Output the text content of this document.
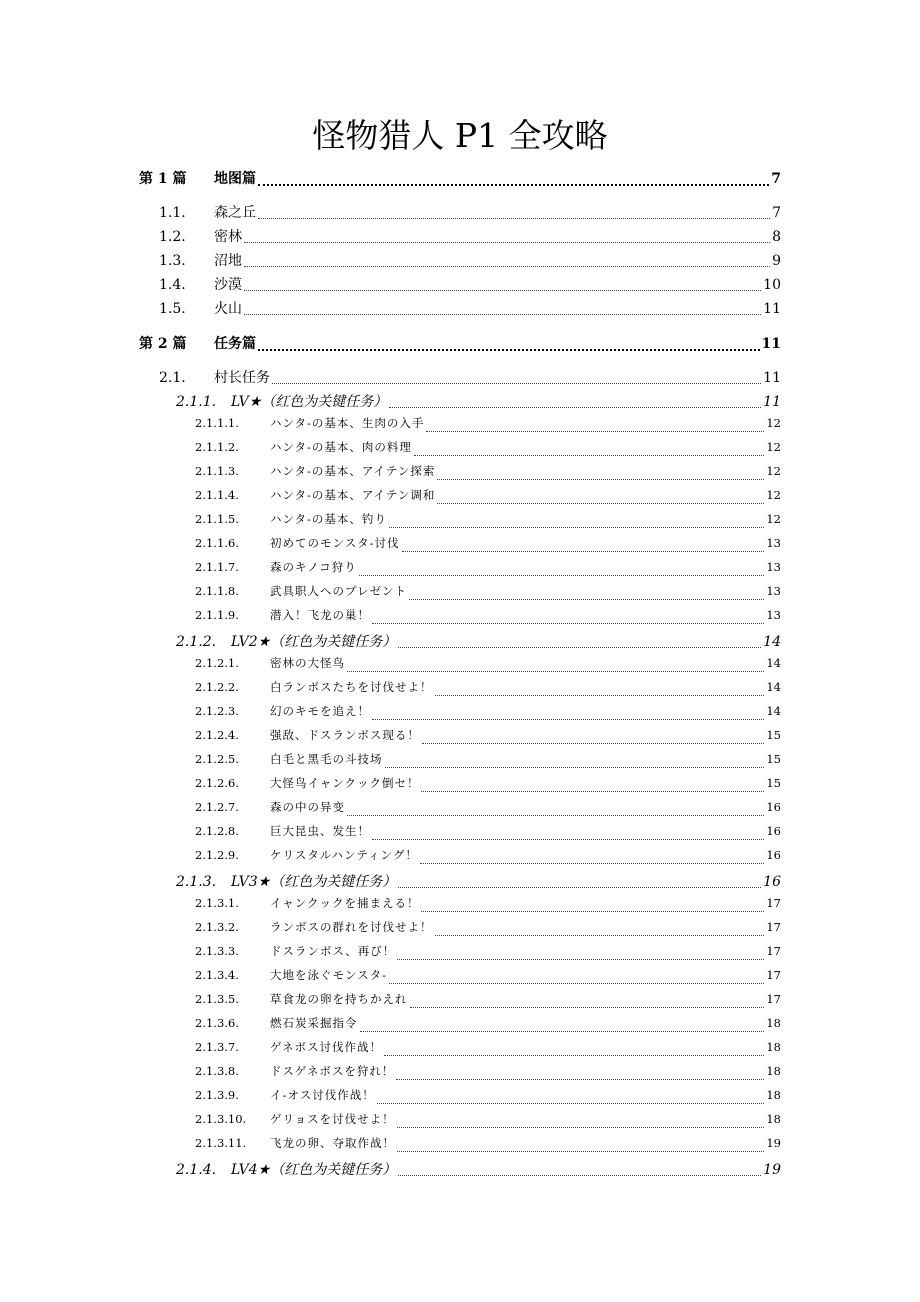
怪物猎人 P1 全攻略
第 1 篇	地图篇	7
1.1.	森之丘	7
1.2.	密林	8
1.3.	沼地	9
1.4.	沙漠	10
1.5.	火山	11
第 2 篇	任务篇	11
2.1.	村长任务	11
2.1.1.	LV★（红色为关键任务）	11
2.1.1.1.	ハンタ-の基本、生肉の入手	12
2.1.1.2.	ハンタ-の基本、肉の料理	12
2.1.1.3.	ハンタ-の基本、アイテン探索	12
2.1.1.4.	ハンタ-の基本、アイテン调和	12
2.1.1.5.	ハンタ-の基本、钓り	12
2.1.1.6.	初めてのモンスタ-讨伐	13
2.1.1.7.	森のキノコ狩り	13
2.1.1.8.	武具职人へのプレゼント	13
2.1.1.9.	潜入！飞龙の巢！	13
2.1.2.	LV2★（红色为关键任务）	14
2.1.2.1.	密林の大怪鸟	14
2.1.2.2.	白ランボスたちを讨伐せよ！	14
2.1.2.3.	幻のキモを追え！	14
2.1.2.4.	强敌、ドスランボス现る！	15
2.1.2.5.	白毛と黑毛の斗技场	15
2.1.2.6.	大怪鸟イャンクック倒セ！	15
2.1.2.7.	森の中の异变	16
2.1.2.8.	巨大昆虫、发生！	16
2.1.2.9.	ケリスタルハンティング！	16
2.1.3.	LV3★（红色为关键任务）	16
2.1.3.1.	イャンクックを捕まえる！	17
2.1.3.2.	ランボスの群れを讨伐せよ！	17
2.1.3.3.	ドスランボス、再び！	17
2.1.3.4.	大地を泳ぐモンスタ-	17
2.1.3.5.	草食龙の卵を持ちかえれ	17
2.1.3.6.	燃石炭采掘指令	18
2.1.3.7.	ゲネボス讨伐作战！	18
2.1.3.8.	ドスゲネボスを狩れ！	18
2.1.3.9.	イ-オス讨伐作战！	18
2.1.3.10.	ゲリョスを讨伐せよ！	18
2.1.3.11.	飞龙の卵、夺取作战！	19
2.1.4.	LV4★（红色为关键任务）	19
